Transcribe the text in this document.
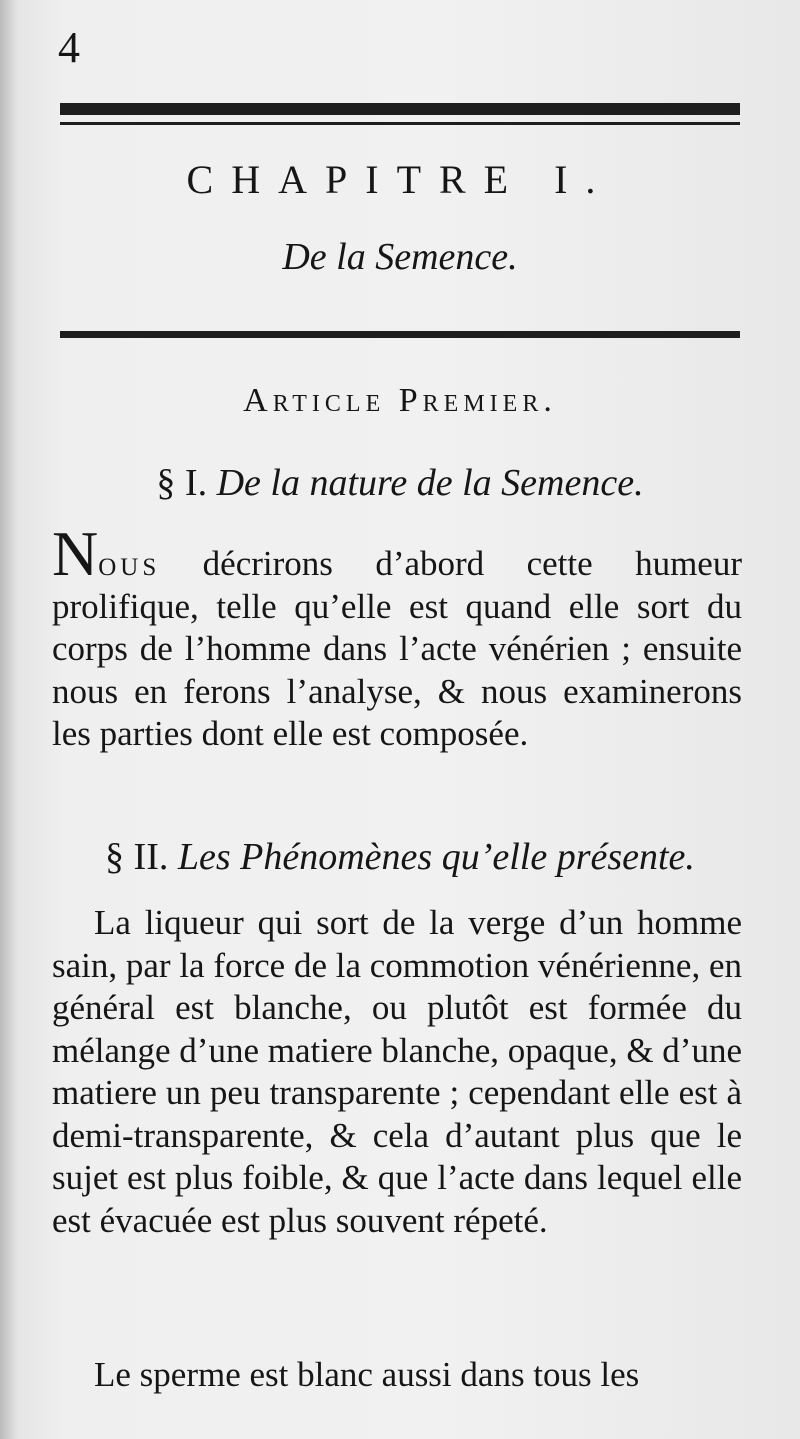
4
CHAPITRE I.
De la Semence.
Article Premier.
§ I. De la nature de la Semence.

Nous décrirons d’abord cette humeur prolifique, telle qu’elle est quand elle sort du corps de l’homme dans l’acte vénérien ; ensuite nous en ferons l’analyse, & nous examinerons les parties dont elle est composée.

§ II. Les Phénomènes qu’elle présente.

La liqueur qui sort de la verge d’un homme sain, par la force de la commotion vénérienne, en général est blanche, ou plutôt est formée du mélange d’une matiere blanche, opaque, & d’une matiere un peu transparente ; cependant elle est à demi-transparente, & cela d’autant plus que le sujet est plus foible, & que l’acte dans lequel elle est évacuée est plus souvent répeté.

Le sperme est blanc aussi dans tous les
